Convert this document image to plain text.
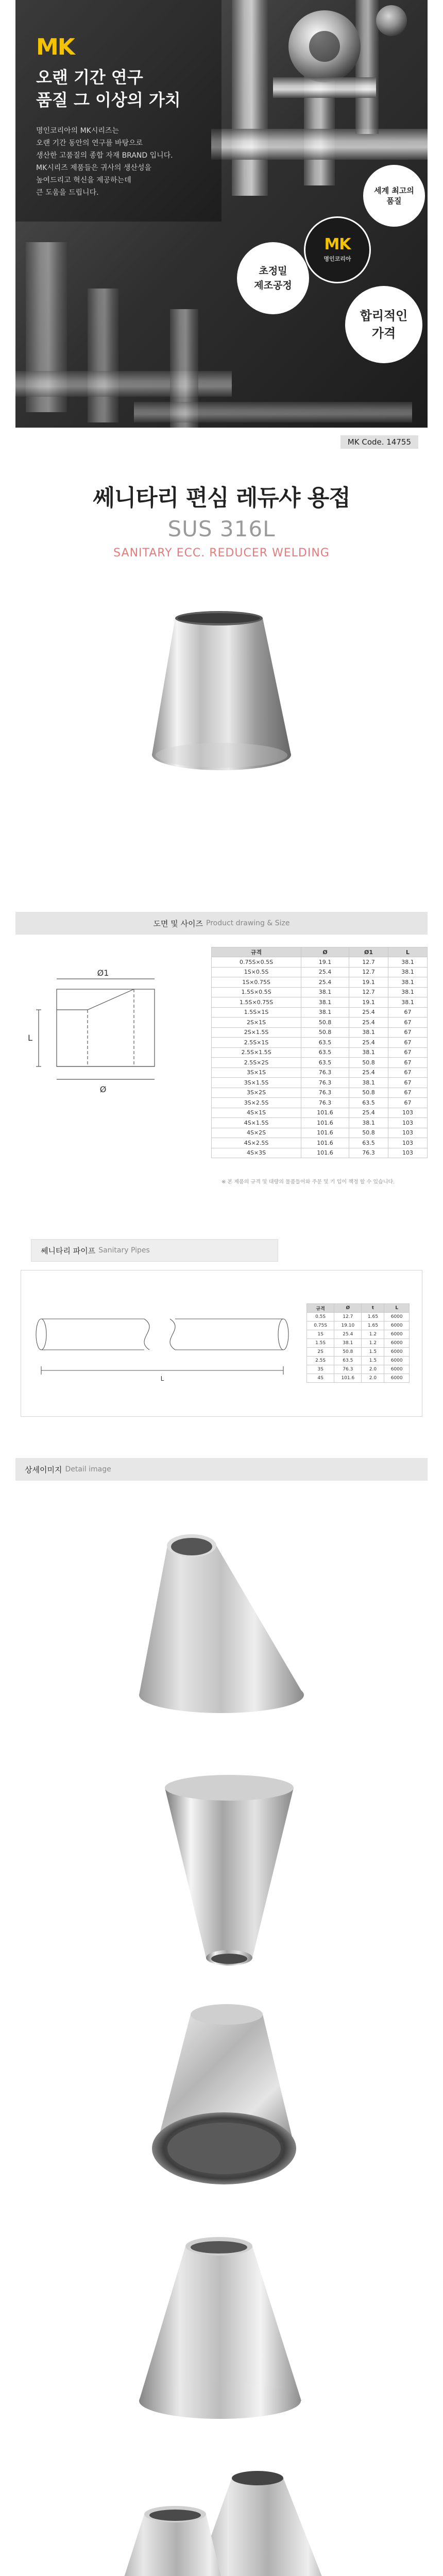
MK
오랜 기간 연구
품질 그 이상의 가치
명인코리아의 MK시리즈는
오랜 기간 동안의 연구를 바탕으로
생산한 고품질의 종합 자재 BRAND 입니다.
MK시리즈 제품들은 귀사의 생산성을
높여드리고 혁신을 제공하는데
큰 도움을 드립니다.	세계 최고의
품질
MK
명인코리아
초정밀
제조공정
합리적인
가격
MK Code. 14755
쎄니타리 편심 레듀샤 용접
SUS 316L
SANITARY ECC. REDUCER WELDING
도면 및 사이즈 Product drawing & Size
Ø1
Ø
L
규격	Ø	Ø1	L
0.75S×0.5S	19.1	12.7	38.1
1S×0.5S	25.4	12.7	38.1
1S×0.75S	25.4	19.1	38.1
1.5S×0.5S	38.1	12.7	38.1
1.5S×0.75S	38.1	19.1	38.1
1.5S×1S	38.1	25.4	67
2S×1S	50.8	25.4	67
2S×1.5S	50.8	38.1	67
2.5S×1S	63.5	25.4	67
2.5S×1.5S	63.5	38.1	67
2.5S×2S	63.5	50.8	67
3S×1S	76.3	25.4	67
3S×1.5S	76.3	38.1	67
3S×2S	76.3	50.8	67
3S×2.5S	76.3	63.5	67
4S×1S	101.6	25.4	103
4S×1.5S	101.6	38.1	103
4S×2S	101.6	50.8	103
4S×2.5S	101.6	63.5	103
4S×3S	101.6	76.3	103
※ 본 제품의 규격 및 대량의 물품들어와 주문 및 기 입이 책정 할 수 있습니다.
쎄니타리 파이프 Sanitary Pipes
L
규격	Ø	t	L
0.5S	12.7	1.65	6000
0.75S	19.10	1.65	6000
1S	25.4	1.2	6000
1.5S	38.1	1.2	6000
2S	50.8	1.5	6000
2.5S	63.5	1.5	6000
3S	76.3	2.0	6000
4S	101.6	2.0	6000
상세이미지 Detail image
